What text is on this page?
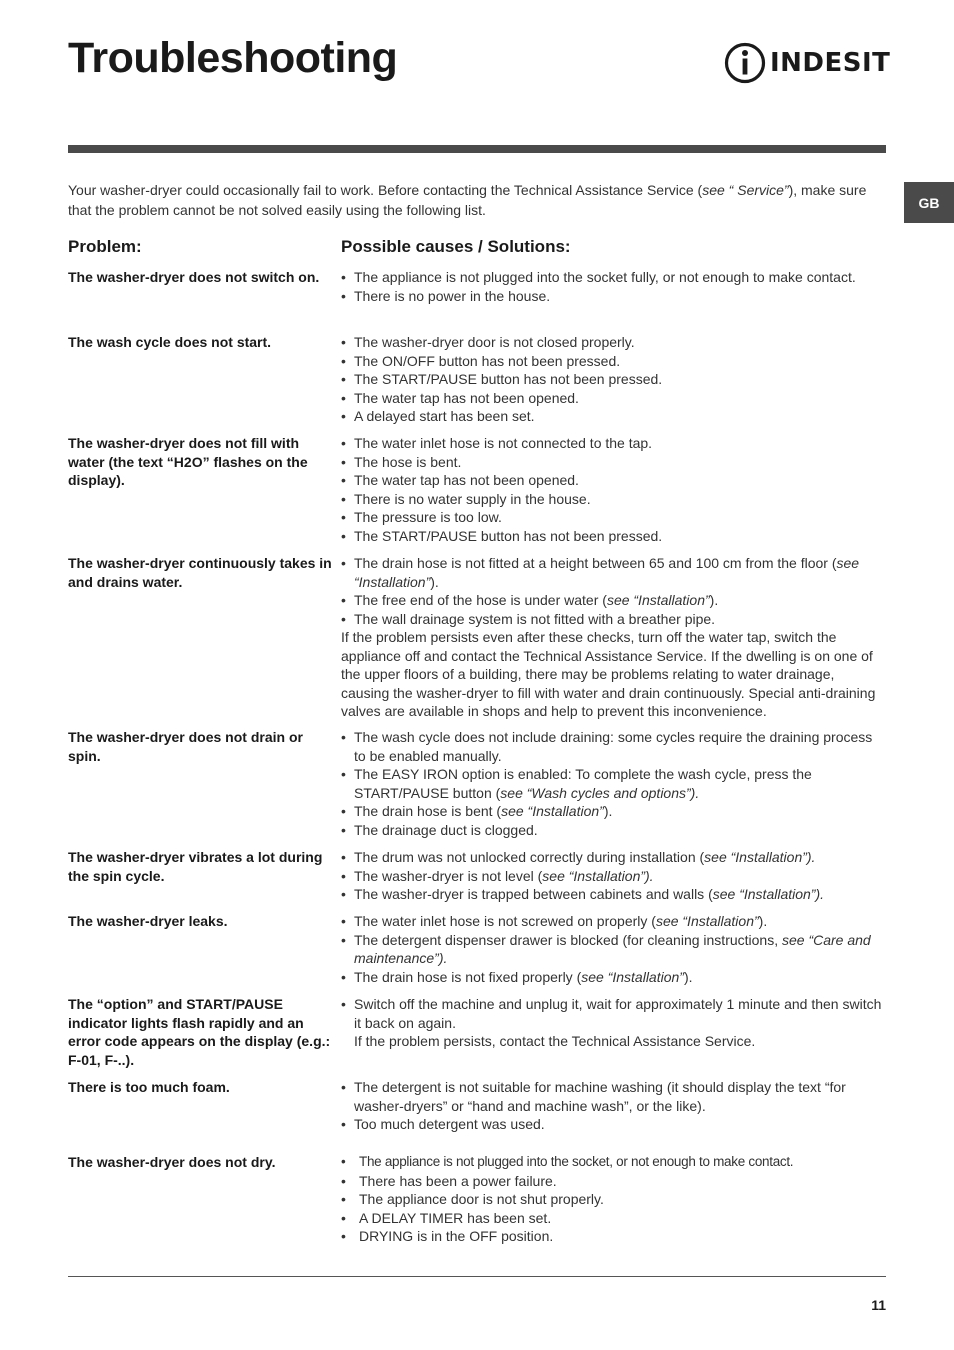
Troubleshooting	INDESIT
GB

Your washer-dryer could occasionally fail to work. Before contacting the Technical Assistance Service (see “ Service”), make sure that the problem cannot be not solved easily using the following list.

Problem:	Possible causes / Solutions:

The washer-dryer does not switch on.	• The appliance is not plugged into the socket fully, or not enough to make contact.
• There is no power in the house.

The wash cycle does not start.	• The washer-dryer door is not closed properly.
• The ON/OFF button has not been pressed.
• The START/PAUSE button has not been pressed.
• The water tap has not been opened.
• A delayed start has been set.

The washer-dryer does not fill with water (the text “H2O” flashes on the display).

• The water inlet hose is not connected to the tap.
• The hose is bent.
• The water tap has not been opened.
• There is no water supply in the house.
• The pressure is too low.
• The START/PAUSE button has not been pressed.

The washer-dryer continuously takes in and drains water.

• The drain hose is not fitted at a height between 65 and 100 cm from the floor (see “Installation”).
• The free end of the hose is under water (see “Installation”).
• The wall drainage system is not fitted with a breather pipe.
If the problem persists even after these checks, turn off the water tap, switch the appliance off and contact the Technical Assistance Service. If the dwelling is on one of the upper floors of a building, there may be problems relating to water drainage, causing the washer-dryer to fill with water and drain continuously. Special anti-draining valves are available in shops and help to prevent this inconvenience.

The washer-dryer does not drain or spin.

• The wash cycle does not include draining: some cycles require the draining process to be enabled manually.
• The EASY IRON option is enabled: To complete the wash cycle, press the START/PAUSE button (see “Wash cycles and options”).
• The drain hose is bent (see “Installation”).
• The drainage duct is clogged.

The washer-dryer vibrates a lot during the spin cycle.

• The drum was not unlocked correctly during installation (see “Installation”).
• The washer-dryer is not level (see “Installation”).
• The washer-dryer is trapped between cabinets and walls (see “Installation”).

The washer-dryer leaks.	• The water inlet hose is not screwed on properly (see “Installation”).
• The detergent dispenser drawer is blocked (for cleaning instructions, see “Care and maintenance”).
• The drain hose is not fixed properly (see “Installation”).

The “option” and START/PAUSE indicator lights flash rapidly and an error code appears on the display (e.g.: F-01, F-..).

• Switch off the machine and unplug it, wait for approximately 1 minute and then switch it back on again.
If the problem persists, contact the Technical Assistance Service.

There is too much foam.	• The detergent is not suitable for machine washing (it should display the text “for washer-dryers” or “hand and machine wash”, or the like).
• Too much detergent was used.

The washer-dryer does not dry.	• The appliance is not plugged into the socket, or not enough to make contact.
• There has been a power failure.
• The appliance door is not shut properly.
• A DELAY TIMER has been set.
• DRYING is in the OFF position.
11
